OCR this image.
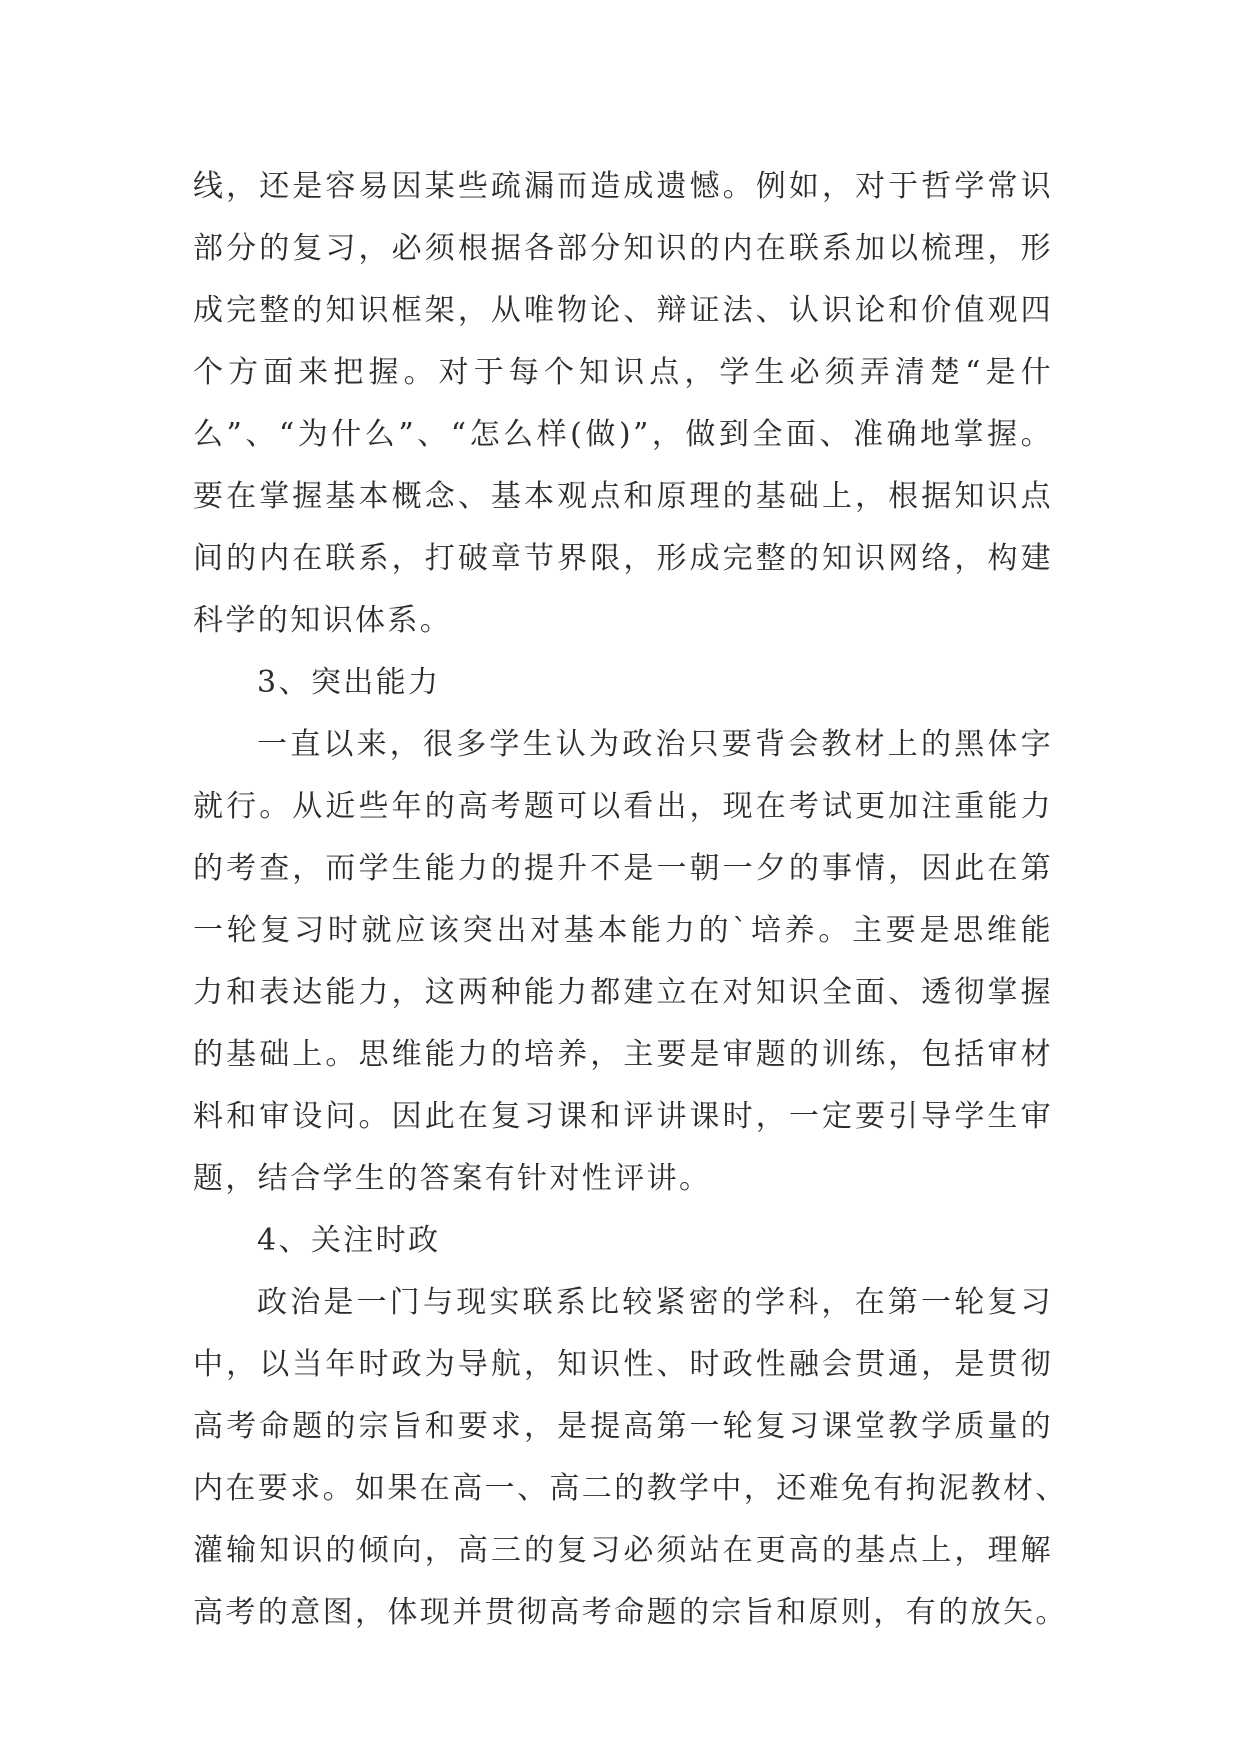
线，还是容易因某些疏漏而造成遗憾。例如，对于哲学常识
部分的复习，必须根据各部分知识的内在联系加以梳理，形
成完整的知识框架，从唯物论、辩证法、认识论和价值观四
个方面来把握。对于每个知识点，学生必须弄清楚“是什
么”、“为什么”、“怎么样(做)”，做到全面、准确地掌握。
要在掌握基本概念、基本观点和原理的基础上，根据知识点
间的内在联系，打破章节界限，形成完整的知识网络，构建
科学的知识体系。
3、突出能力
一直以来，很多学生认为政治只要背会教材上的黑体字
就行。从近些年的高考题可以看出，现在考试更加注重能力
的考查，而学生能力的提升不是一朝一夕的事情，因此在第
一轮复习时就应该突出对基本能力的`培养。主要是思维能
力和表达能力，这两种能力都建立在对知识全面、透彻掌握
的基础上。思维能力的培养，主要是审题的训练，包括审材
料和审设问。因此在复习课和评讲课时，一定要引导学生审
题，结合学生的答案有针对性评讲。
4、关注时政
政治是一门与现实联系比较紧密的学科，在第一轮复习
中，以当年时政为导航，知识性、时政性融会贯通，是贯彻
高考命题的宗旨和要求，是提高第一轮复习课堂教学质量的
内在要求。如果在高一、高二的教学中，还难免有拘泥教材、
灌输知识的倾向，高三的复习必须站在更高的基点上，理解
高考的意图，体现并贯彻高考命题的宗旨和原则，有的放矢。
